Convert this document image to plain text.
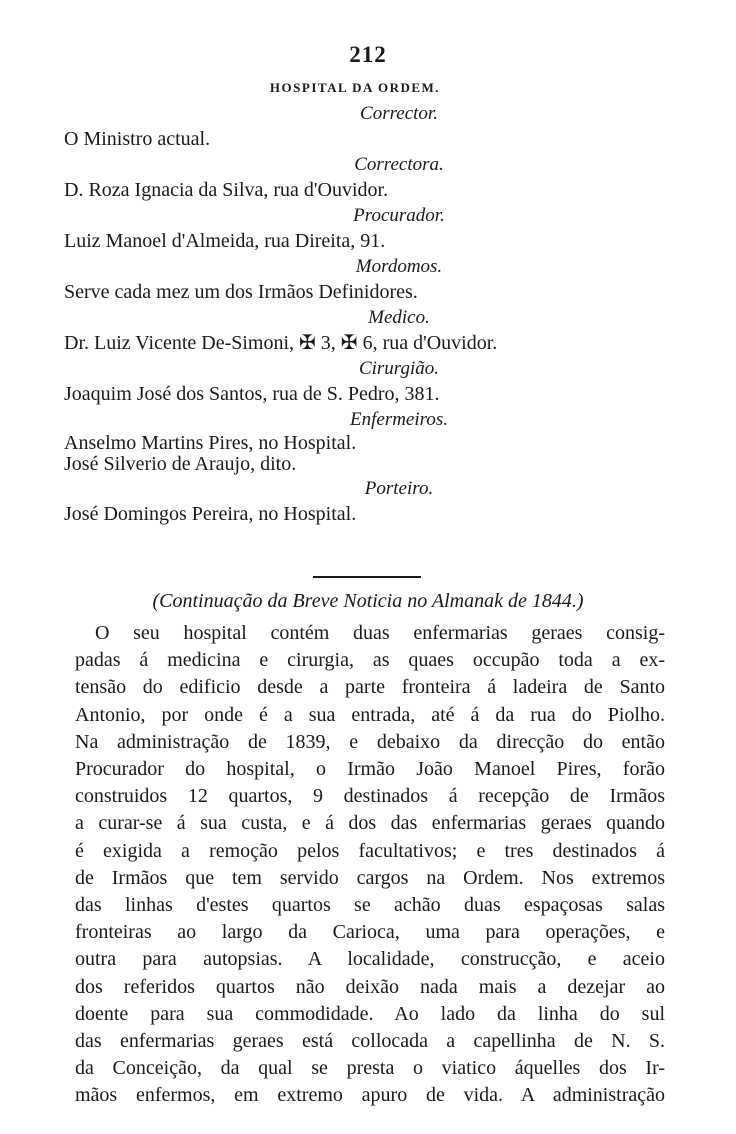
212
HOSPITAL DA ORDEM.
Corrector.
O Ministro actual.
Correctora.
D. Roza Ignacia da Silva, rua d'Ouvidor.
Procurador.
Luiz Manoel d'Almeida, rua Direita, 91.
Mordomos.
Serve cada mez um dos Irmãos Definidores.
Medico.
Dr. Luiz Vicente De-Simoni, ✠ 3, ✠ 6, rua d'Ouvidor.
Cirurgião.
Joaquim José dos Santos, rua de S. Pedro, 381.
Enfermeiros.
Anselmo Martins Pires, no Hospital.
José Silverio de Araujo, dito.
Porteiro.
José Domingos Pereira, no Hospital.
(Continuação da Breve Noticia no Almanak de 1844.)
O seu hospital contém duas enfermarias geraes consig-
padas á medicina e cirurgia, as quaes occupão toda a ex-
tensão do edificio desde a parte fronteira á ladeira de Santo
Antonio, por onde é a sua entrada, até á da rua do Piolho.
Na administração de 1839, e debaixo da direcção do então
Procurador do hospital, o Irmão João Manoel Pires, forão
construidos 12 quartos, 9 destinados á recepção de Irmãos
a curar-se á sua custa, e á dos das enfermarias geraes quando
é exigida a remoção pelos facultativos; e tres destinados á
de Irmãos que tem servido cargos na Ordem. Nos extremos
das linhas d'estes quartos se achão duas espaçosas salas
fronteiras ao largo da Carioca, uma para operações, e
outra para autopsias. A localidade, construcção, e aceio
dos referidos quartos não deixão nada mais a dezejar ao
doente para sua commodidade. Ao lado da linha do sul
das enfermarias geraes está collocada a capellinha de N. S.
da Conceição, da qual se presta o viatico áquelles dos Ir-
mãos enfermos, em extremo apuro de vida. A administração
